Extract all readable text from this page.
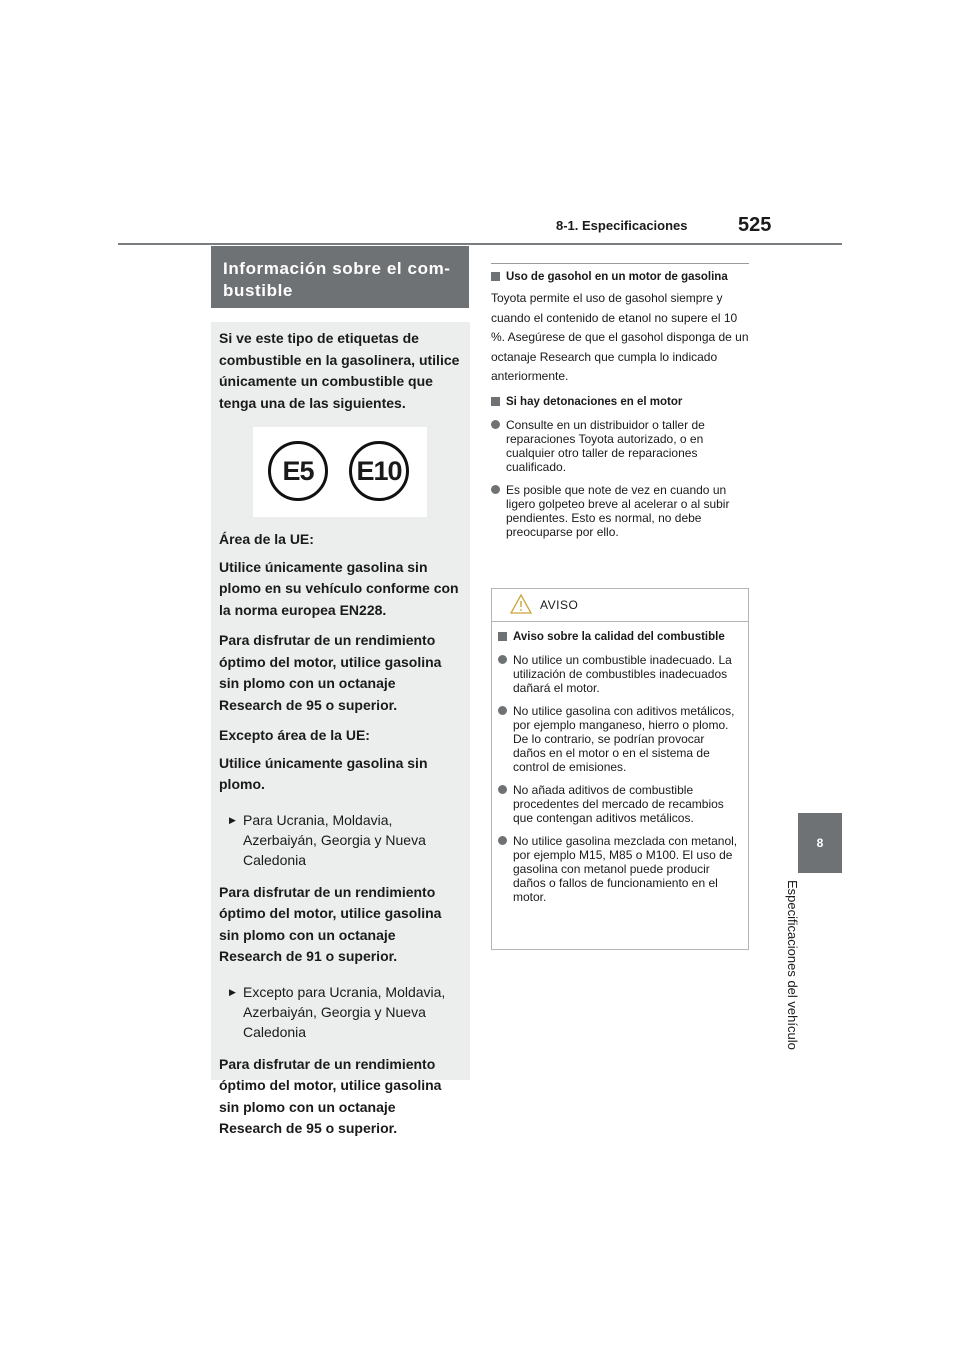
8-1. Especificaciones	525
8
Especificaciones del vehículo
Información sobre el com-bustible

Si ve este tipo de etiquetas de combustible en la gasolinera, utilice únicamente un combustible que tenga una de las siguientes.

E5	E10

Área de la UE:

Utilice únicamente gasolina sin plomo en su vehículo conforme con la norma europea EN228.

Para disfrutar de un rendimiento óptimo del motor, utilice gasolina sin plomo con un octanaje Research de 95 o superior.

Excepto área de la UE:

Utilice únicamente gasolina sin plomo.

▶ Para Ucrania, Moldavia, Azerbaiyán, Georgia y Nueva Caledonia

Para disfrutar de un rendimiento óptimo del motor, utilice gasolina sin plomo con un octanaje Research de 91 o superior.

▶ Excepto para Ucrania, Moldavia, Azerbaiyán, Georgia y Nueva Caledonia

Para disfrutar de un rendimiento óptimo del motor, utilice gasolina sin plomo con un octanaje Research de 95 o superior.

Uso de gasohol en un motor de gasolina

Toyota permite el uso de gasohol siempre y cuando el contenido de etanol no supere el 10 %. Asegúrese de que el gasohol disponga de un octanaje Research que cumpla lo indicado anteriormente.

Si hay detonaciones en el motor
Consulte en un distribuidor o taller de reparaciones Toyota autorizado, o en cualquier otro taller de reparaciones cualificado.
Es posible que note de vez en cuando un ligero golpeteo breve al acelerar o al subir pendientes. Esto es normal, no debe preocuparse por ello.
AVISO
Aviso sobre la calidad del combustible
No utilice un combustible inadecuado. La utilización de combustibles inadecuados dañará el motor.
No utilice gasolina con aditivos metálicos, por ejemplo manganeso, hierro o plomo. De lo contrario, se podrían provocar daños en el motor o en el sistema de control de emisiones.
No añada aditivos de combustible procedentes del mercado de recambios que contengan aditivos metálicos.
No utilice gasolina mezclada con metanol, por ejemplo M15, M85 o M100. El uso de gasolina con metanol puede producir daños o fallos de funcionamiento en el motor.
